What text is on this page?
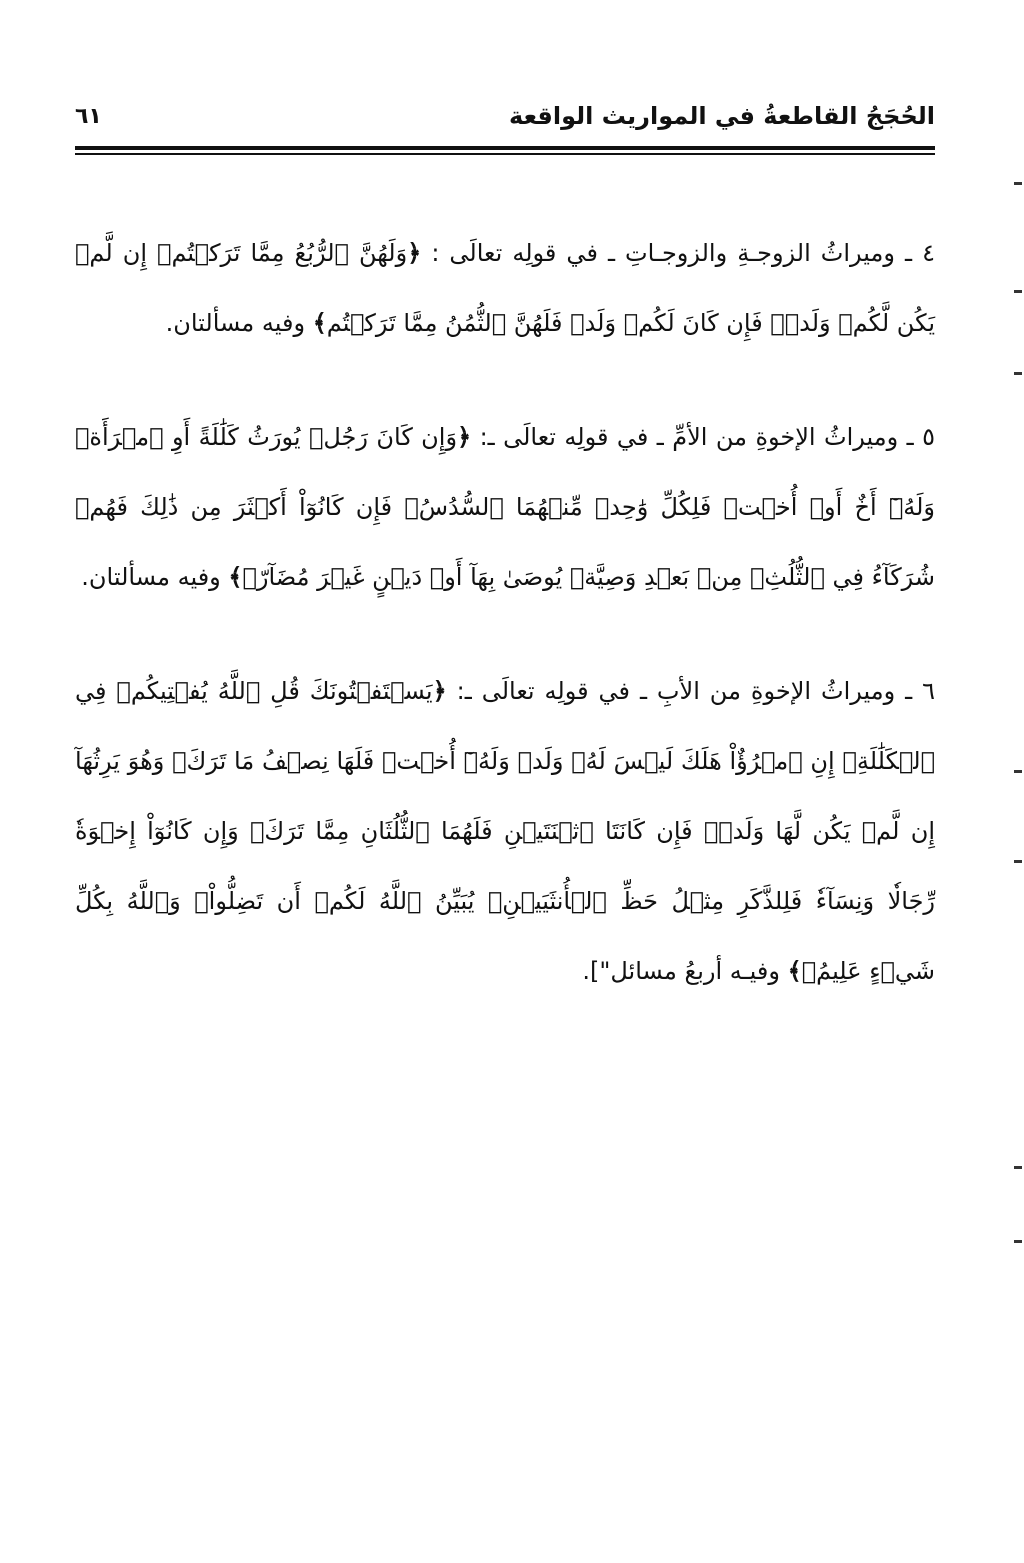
الحُجَجُ القاطعةُ في المواريث الواقعة
٦١

٤ ـ وميراثُ الزوجـةِ والزوجـاتِ ـ في قولِه تعالَى : ﴿وَلَهُنَّ ٱلرُّبُعُ مِمَّا تَرَكۡتُمۡ إِن لَّمۡ يَكُن لَّكُمۡ وَلَدٞۚ فَإِن كَانَ لَكُمۡ وَلَدٞ فَلَهُنَّ ٱلثُّمُنُ مِمَّا تَرَكۡتُم﴾ وفيه مسألتان.

٥ ـ وميراثُ الإخوةِ من الأمِّ ـ في قولِه تعالَى ـ: ﴿وَإِن كَانَ رَجُلٞ يُورَثُ كَلَٰلَةً أَوِ ٱمۡرَأَةٞ وَلَهُۥٓ أَخٌ أَوۡ أُخۡتٞ فَلِكُلِّ وَٰحِدٖ مِّنۡهُمَا ٱلسُّدُسُۚ فَإِن كَانُوٓاْ أَكۡثَرَ مِن ذَٰلِكَ فَهُمۡ شُرَكَآءُ فِي ٱلثُّلُثِۚ مِنۢ بَعۡدِ وَصِيَّةٖ يُوصَىٰ بِهَآ أَوۡ دَيۡنٍ غَيۡرَ مُضَآرّٖ﴾ وفيه مسألتان.

٦ ـ وميراثُ الإخوةِ من الأبِ ـ في قولِه تعالَى ـ: ﴿يَسۡتَفۡتُونَكَ قُلِ ٱللَّهُ يُفۡتِيكُمۡ فِي ٱلۡكَلَٰلَةِۚ إِنِ ٱمۡرُؤٌاْ هَلَكَ لَيۡسَ لَهُۥ وَلَدٞ وَلَهُۥٓ أُخۡتٞ فَلَهَا نِصۡفُ مَا تَرَكَۚ وَهُوَ يَرِثُهَآ إِن لَّمۡ يَكُن لَّهَا وَلَدٞۚ فَإِن كَانَتَا ٱثۡنَتَيۡنِ فَلَهُمَا ٱلثُّلُثَانِ مِمَّا تَرَكَۚ وَإِن كَانُوٓاْ إِخۡوَةٗ رِّجَالٗا وَنِسَآءٗ فَلِلذَّكَرِ مِثۡلُ حَظِّ ٱلۡأُنثَيَيۡنِۗ يُبَيِّنُ ٱللَّهُ لَكُمۡ أَن تَضِلُّواْۗ وَٱللَّهُ بِكُلِّ شَيۡءٍ عَلِيمُۢ﴾ وفيـه أربعُ مسائل"].
